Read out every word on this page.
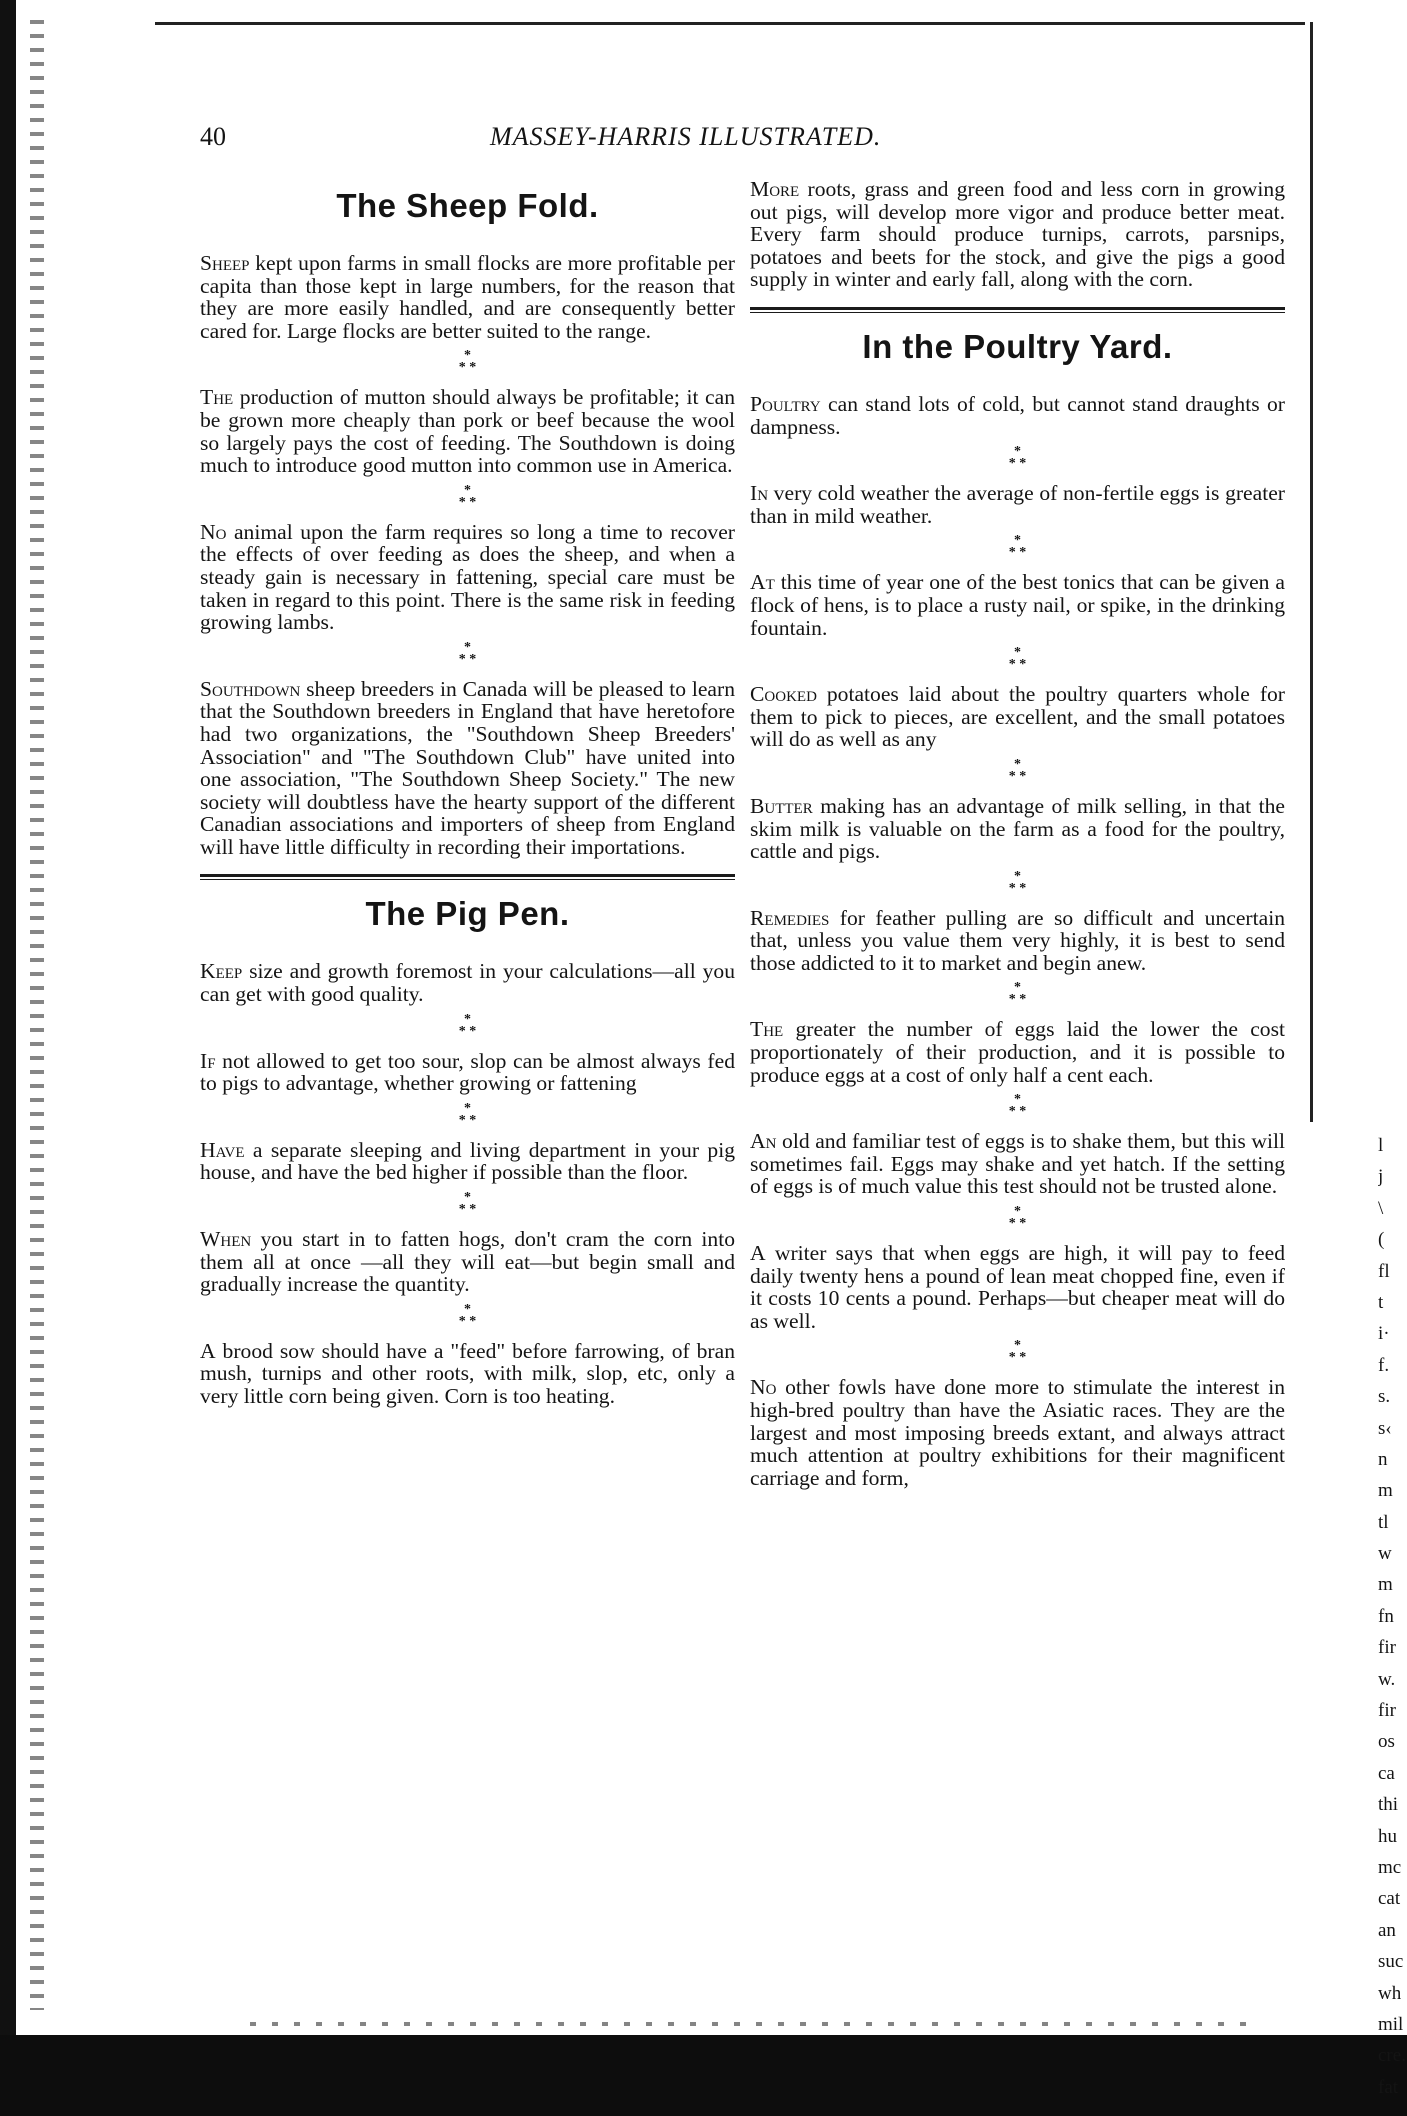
40	MASSEY-HARRIS ILLUSTRATED.
The Sheep Fold.

Sheep kept upon farms in small flocks are more profitable per capita than those kept in large numbers, for the reason that they are more easily handled, and are consequently better cared for. Large flocks are better suited to the range.

*
* *

The production of mutton should always be profitable; it can be grown more cheaply than pork or beef because the wool so largely pays the cost of feeding. The Southdown is doing much to introduce good mutton into common use in America.

*
* *

No animal upon the farm requires so long a time to recover the effects of over feeding as does the sheep, and when a steady gain is necessary in fattening, special care must be taken in regard to this point. There is the same risk in feeding growing lambs.

*
* *

Southdown sheep breeders in Canada will be pleased to learn that the Southdown breeders in England that have heretofore had two organizations, the "Southdown Sheep Breeders' Association" and "The Southdown Club" have united into one association, "The Southdown Sheep Society." The new society will doubtless have the hearty support of the different Canadian associations and importers of sheep from England will have little difficulty in recording their importations.

The Pig Pen.

Keep size and growth foremost in your calculations—all you can get with good quality.

*
* *

If not allowed to get too sour, slop can be almost always fed to pigs to advantage, whether growing or fattening

*
* *

Have a separate sleeping and living department in your pig house, and have the bed higher if possible than the floor.

*
* *

When you start in to fatten hogs, don't cram the corn into them all at once —all they will eat—but begin small and gradually increase the quantity.

*
* *

A brood sow should have a "feed" before farrowing, of bran mush, turnips and other roots, with milk, slop, etc, only a very little corn being given. Corn is too heating.

More roots, grass and green food and less corn in growing out pigs, will develop more vigor and produce better meat. Every farm should produce turnips, carrots, parsnips, potatoes and beets for the stock, and give the pigs a good supply in winter and early fall, along with the corn.

In the Poultry Yard.

Poultry can stand lots of cold, but cannot stand draughts or dampness.

*
* *

In very cold weather the average of non-fertile eggs is greater than in mild weather.

*
* *

At this time of year one of the best tonics that can be given a flock of hens, is to place a rusty nail, or spike, in the drinking fountain.

*
* *

Cooked potatoes laid about the poultry quarters whole for them to pick to pieces, are excellent, and the small potatoes will do as well as any

*
* *

Butter making has an advantage of milk selling, in that the skim milk is valuable on the farm as a food for the poultry, cattle and pigs.

*
* *

Remedies for feather pulling are so difficult and uncertain that, unless you value them very highly, it is best to send those addicted to it to market and begin anew.

*
* *

The greater the number of eggs laid the lower the cost proportionately of their production, and it is possible to produce eggs at a cost of only half a cent each.

*
* *

An old and familiar test of eggs is to shake them, but this will sometimes fail. Eggs may shake and yet hatch. If the setting of eggs is of much value this test should not be trusted alone.

*
* *

A writer says that when eggs are high, it will pay to feed daily twenty hens a pound of lean meat chopped fine, even if it costs 10 cents a pound. Perhaps—but cheaper meat will do as well.

*
* *

No other fowls have done more to stimulate the interest in high-bred poultry than have the Asiatic races. They are the largest and most imposing breeds extant, and always attract much attention at poultry exhibitions for their magnificent carriage and form,

l
j
\
(
fl
t
i·
f.
s.
s‹
n
m
tl
w
m
fn
fir
w.
fir
os
ca
thi
hu
mc
cat
an
suc
wh
mil
cre.
fat
